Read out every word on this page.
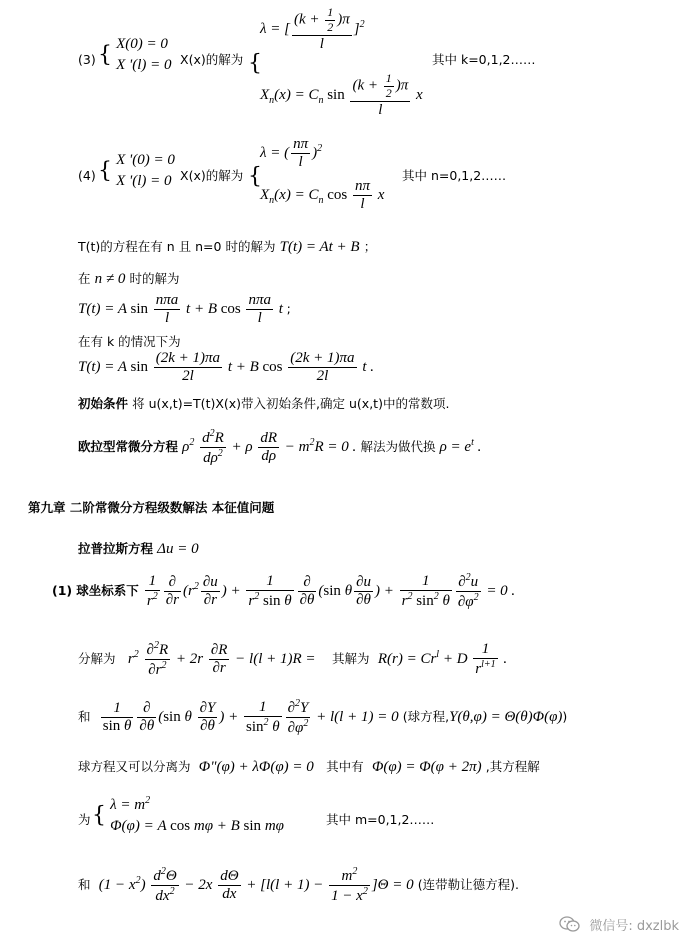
(3) { X(0) = 0
X '(l) = 0 X(x)的解为 {
λ = [ $\frac{(k + \frac{1}{2} )\pi}{l} ]^2$
$X_n(x) = C_n$ $\sin \frac{(k + \frac{1}{2} )\pi}{l}$ x
其中 k=0,1,2……
(4) { X '(0) = 0
X '(l) = 0 X(x)的解为 {
λ = ( $\frac{n\pi}{l} )^2$
$X_n(x) = C_n$ $\cos \frac{n\pi}{l}$ x
其中 n=0,1,2……
T(t)的方程在有 n 且 n=0 时的解为 T(t) = At + B ；
在 n ≠ 0 时的解为
T(t) = A $\sin \frac{\text{nπa}}{l}$ t + B $\cos \frac{\text{nπa}}{l}$ t ;
在有 k 的情况下为
T(t) = A $\sin \frac{(2k + 1)\pi a}{2l}$ t + B $\cos \frac{(2k + 1)\pi a}{2l}$ t .
初始条件 将 u(x,t)=T(t)X(x)带入初始条件,确定 u(x,t)中的常数项.
欧拉型常微分方程 $\rho^2 \frac{d^2R}{d\rho^2} + \rho \frac{dR}{d\rho} - m^2R = 0$ . 解法为做代换 $\rho = e^t$ .
第九章 二阶常微分方程级数解法 本征值问题
拉普拉斯方程 Δu = 0
(1) 球坐标系下 $\frac{1}{r^2} \frac{\partial}{\partial r} (r^2 \frac{\partial u}{\partial r}$ ) + $\frac{1}{r^2 \sin \theta} \frac{\partial}{\partial\theta} (\sin$ θ $\frac{\partial u}{\partial\theta}$ ) + $\frac{1}{r^2 \sin^2 \theta} \frac{\partial^2u}{\partial\varphi^2} = 0$ .
分解为 $r^2 \frac{\partial^2R}{\partial r^2} + 2r \frac{\partial R}{\partial r} - l(l + 1)R$ = 其解为 $R(r) = Cr^l + D \frac{1}{r^{l+1}}$ .
和 $\frac{1}{\text{sin θ}} \frac{\partial}{\partial\theta} (\sin$ θ $\frac{\partial Y}{\partial\theta}$ ) + $\frac{1}{\sin^2 \theta} \frac{\partial^2Y}{\partial\varphi^2} + l(l + 1) = 0$ (球方程,Y(θ,φ) = Θ(θ)Φ(φ))
球方程又可以分离为 Φ"(φ) + λΦ(φ) = 0 其中有 Φ(φ) = Φ(φ + 2π) ,其方程解
为 { $\lambda = m^2$
Φ(φ) = A cos mφ + B sin mφ	其中 m=0,1,2……
和 $(1 - x^2) \frac{d^2\Theta}{dx^2} - 2x \frac{d\Theta}{dx} + [l(l + 1) - \frac{m^2}{1 - x^2} ]\Theta = 0$ (连带勒让德方程).
微信号: dxzlbk
